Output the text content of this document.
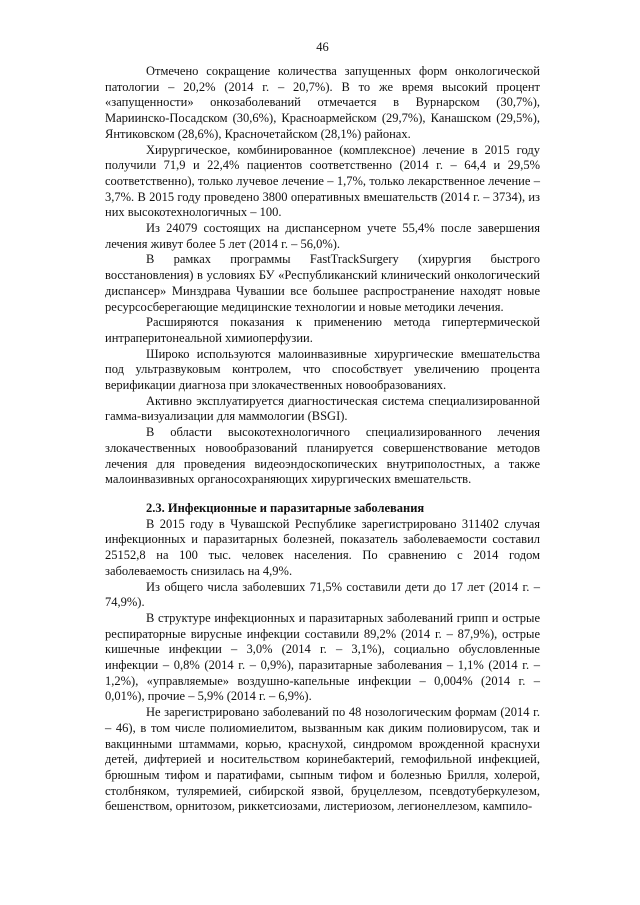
46

Отмечено сокращение количества запущенных форм онкологической патологии – 20,2% (2014 г. – 20,7%). В то же время высокий процент «запущенности» онкозаболеваний отмечается в Вурнарском (30,7%), Мариинско-Посадском (30,6%), Красноармейском (29,7%), Канашском (29,5%), Янтиковском (28,6%), Красночетайском (28,1%) районах.

Хирургическое, комбинированное (комплексное) лечение в 2015 году получили 71,9 и 22,4% пациентов соответственно (2014 г. – 64,4 и 29,5% соответственно), только лучевое лечение – 1,7%, только лекарственное лечение – 3,7%. В 2015 году проведено 3800 оперативных вмешательств (2014 г. – 3734), из них высокотехнологичных – 100.

Из 24079 состоящих на диспансерном учете 55,4% после завершения лечения живут более 5 лет (2014 г. – 56,0%).

В рамках программы FastTrackSurgery (хирургия быстрого восстановления) в условиях БУ «Республиканский клинический онкологический диспансер» Минздрава Чувашии все большее распространение находят новые ресурсосберегающие медицинские технологии и новые методики лечения.

Расширяются показания к применению метода гипертермической интраперитонеальной химиоперфузии.

Широко используются малоинвазивные хирургические вмешательства под ультразвуковым контролем, что способствует увеличению процента верификации диагноза при злокачественных новообразованиях.

Активно эксплуатируется диагностическая система специализированной гамма-визуализации для маммологии (BSGI).

В области высокотехнологичного специализированного лечения злокачественных новообразований планируется совершенствование методов лечения для проведения видеоэндоскопических внутриполостных, а также малоинвазивных органосохраняющих хирургических вмешательств.

2.3. Инфекционные и паразитарные заболевания

В 2015 году в Чувашской Республике зарегистрировано 311402 случая инфекционных и паразитарных болезней, показатель заболеваемости составил 25152,8 на 100 тыс. человек населения. По сравнению с 2014 годом заболеваемость снизилась на 4,9%.

Из общего числа заболевших 71,5% составили дети до 17 лет (2014 г. – 74,9%).

В структуре инфекционных и паразитарных заболеваний грипп и острые респираторные вирусные инфекции составили 89,2% (2014 г. – 87,9%), острые кишечные инфекции – 3,0% (2014 г. – 3,1%), социально обусловленные инфекции – 0,8% (2014 г. – 0,9%), паразитарные заболевания – 1,1% (2014 г. – 1,2%), «управляемые» воздушно-капельные инфекции – 0,004% (2014 г. – 0,01%), прочие – 5,9% (2014 г. – 6,9%).

Не зарегистрировано заболеваний по 48 нозологическим формам (2014 г. – 46), в том числе полиомиелитом, вызванным как диким полиовирусом, так и вакцинными штаммами, корью, краснухой, синдромом врожденной краснухи детей, дифтерией и носительством коринебактерий, гемофильной инфекцией, брюшным тифом и паратифами, сыпным тифом и болезнью Брилля, холерой, столбняком, туляремией, сибирской язвой, бруцеллезом, псевдотуберкулезом, бешенством, орнитозом, риккетсиозами, листериозом, легионеллезом, кампило-
